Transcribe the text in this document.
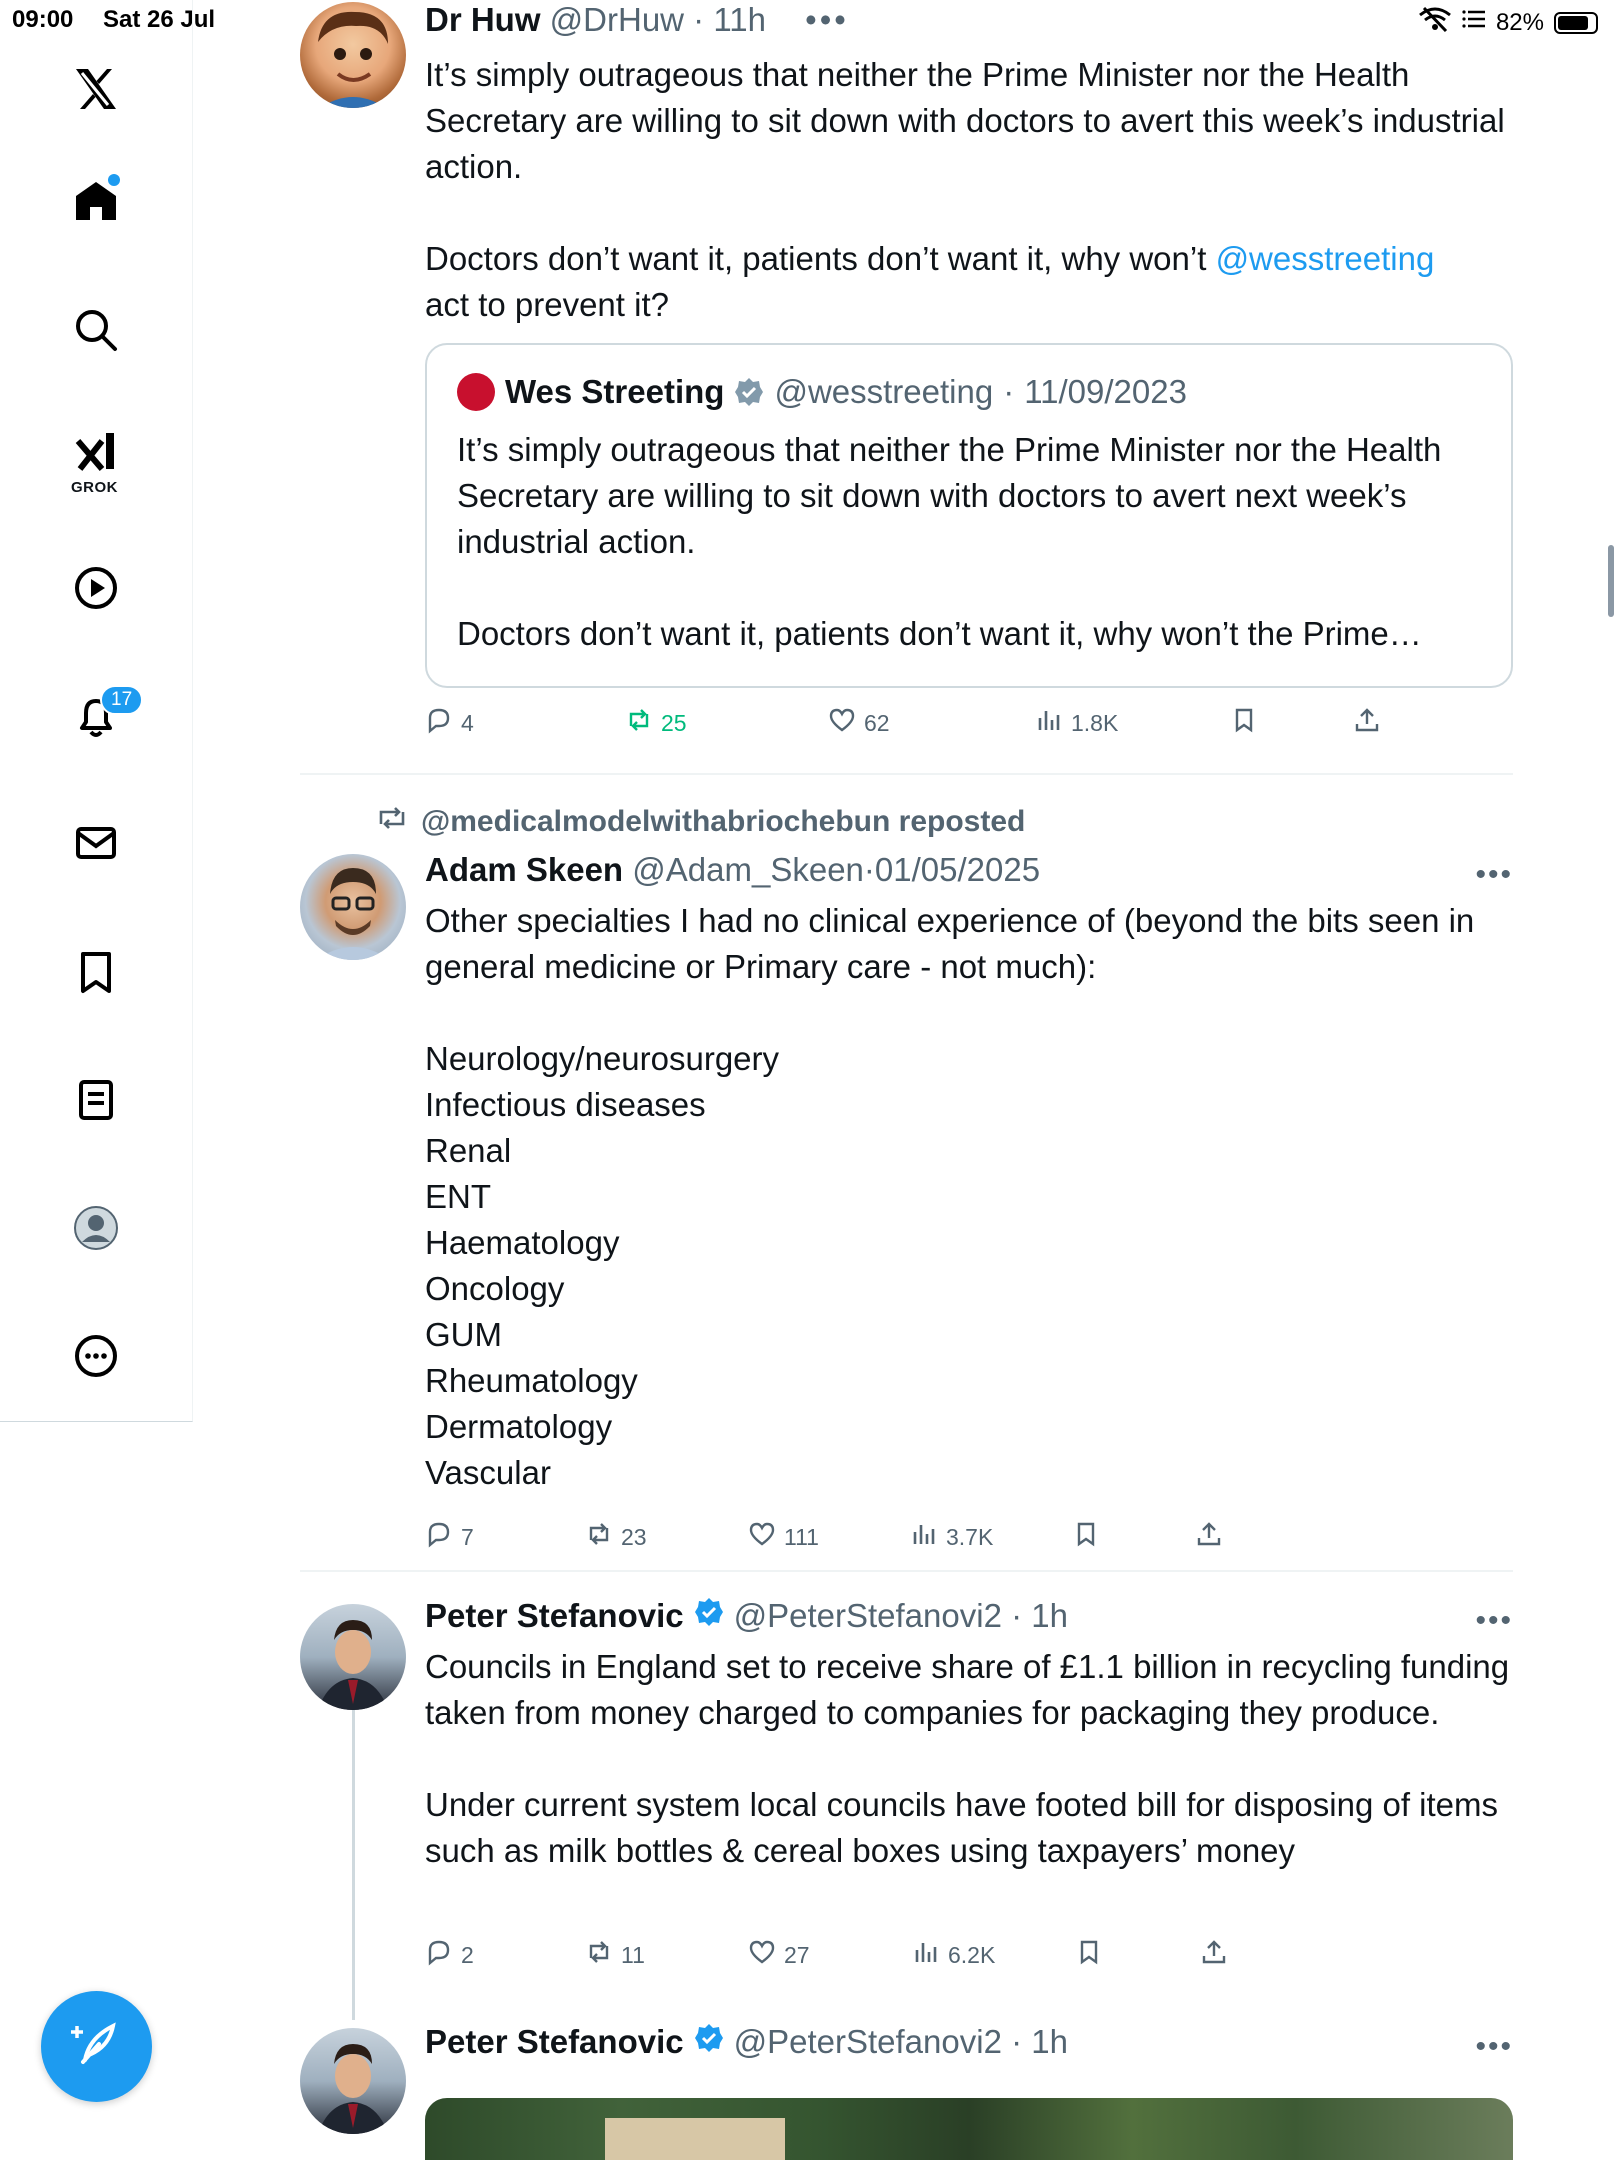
09:00 Sat 26 Jul	82%
GROK
17
Dr Huw @DrHuw · 11h •••
It’s simply outrageous that neither the Prime Minister nor the Health Secretary are willing to sit down with doctors to avert this week’s industrial action.

Doctors don’t want it, patients don’t want it, why won’t @wesstreeting
act to prevent it?
Wes Streeting @wesstreeting · 11/09/2023
It’s simply outrageous that neither the Prime Minister nor the Health Secretary are willing to sit down with doctors to avert next week’s industrial action.

Doctors don’t want it, patients don’t want it, why won’t the Prime…
4	25	62	1.8K
@medicalmodelwithabriochebun reposted
Adam Skeen @Adam_Skeen·01/05/2025	•••
Other specialties I had no clinical experience of (beyond the bits seen in general medicine or Primary care - not much):

Neurology/neurosurgery
Infectious diseases
Renal
ENT
Haematology
Oncology
GUM
Rheumatology
Dermatology
Vascular
7	23	111	3.7K
Peter Stefanovic @PeterStefanovi2 · 1h	•••
Councils in England set to receive share of £1.1 billion in recycling funding taken from money charged to companies for packaging they produce.

Under current system local councils have footed bill for disposing of items such as milk bottles & cereal boxes using taxpayers’ money
2	11	27	6.2K
Peter Stefanovic @PeterStefanovi2 · 1h	•••
